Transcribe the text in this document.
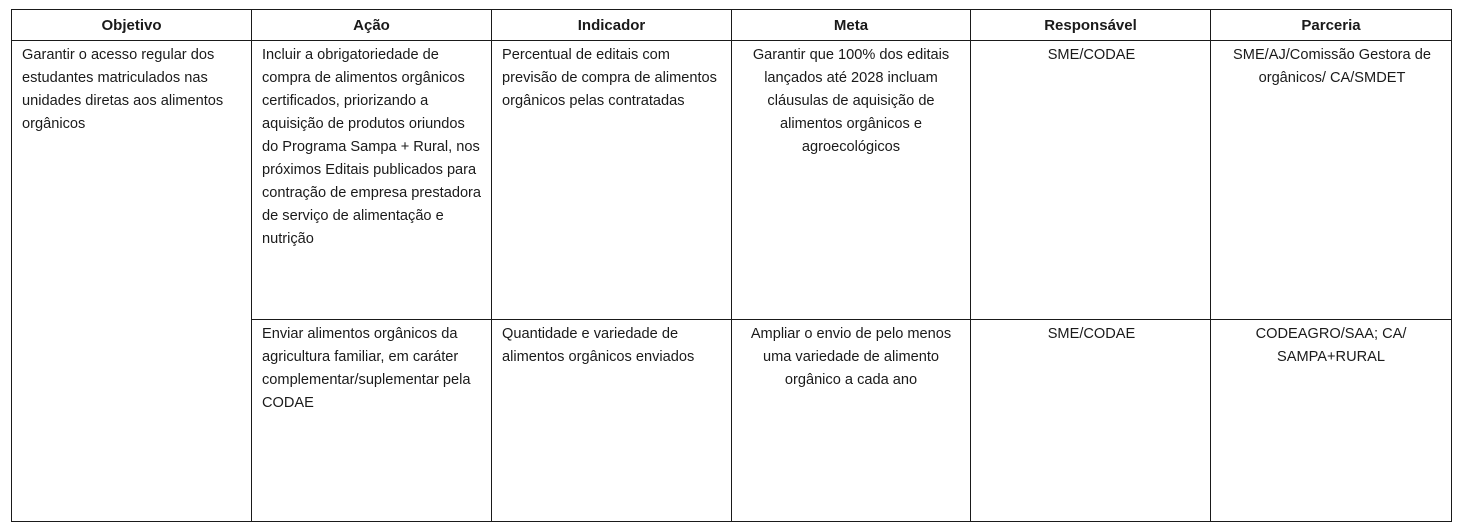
Objetivo	Ação	Indicador	Meta	Responsável	Parceria
Garantir o acesso regular dos estudantes matriculados nas unidades diretas aos alimentos orgânicos	Incluir a obrigatoriedade de compra de alimentos orgânicos certificados, priorizando a aquisição de produtos oriundos do Programa Sampa + Rural, nos próximos Editais publicados para contração de empresa prestadora de serviço de alimentação e nutrição	Percentual de editais com previsão de compra de alimentos orgânicos pelas contratadas	Garantir que 100% dos editais lançados até 2028 incluam cláusulas de aquisição de alimentos orgânicos e agroecológicos	SME/CODAE	SME/AJ/Comissão Gestora de orgânicos/ CA/SMDET
	Enviar alimentos orgânicos da agricultura familiar, em caráter complementar/suplementar pela CODAE	Quantidade e variedade de alimentos orgânicos enviados	Ampliar o envio de pelo menos uma variedade de alimento orgânico a cada ano	SME/CODAE	CODEAGRO/SAA; CA/ SAMPA+RURAL
